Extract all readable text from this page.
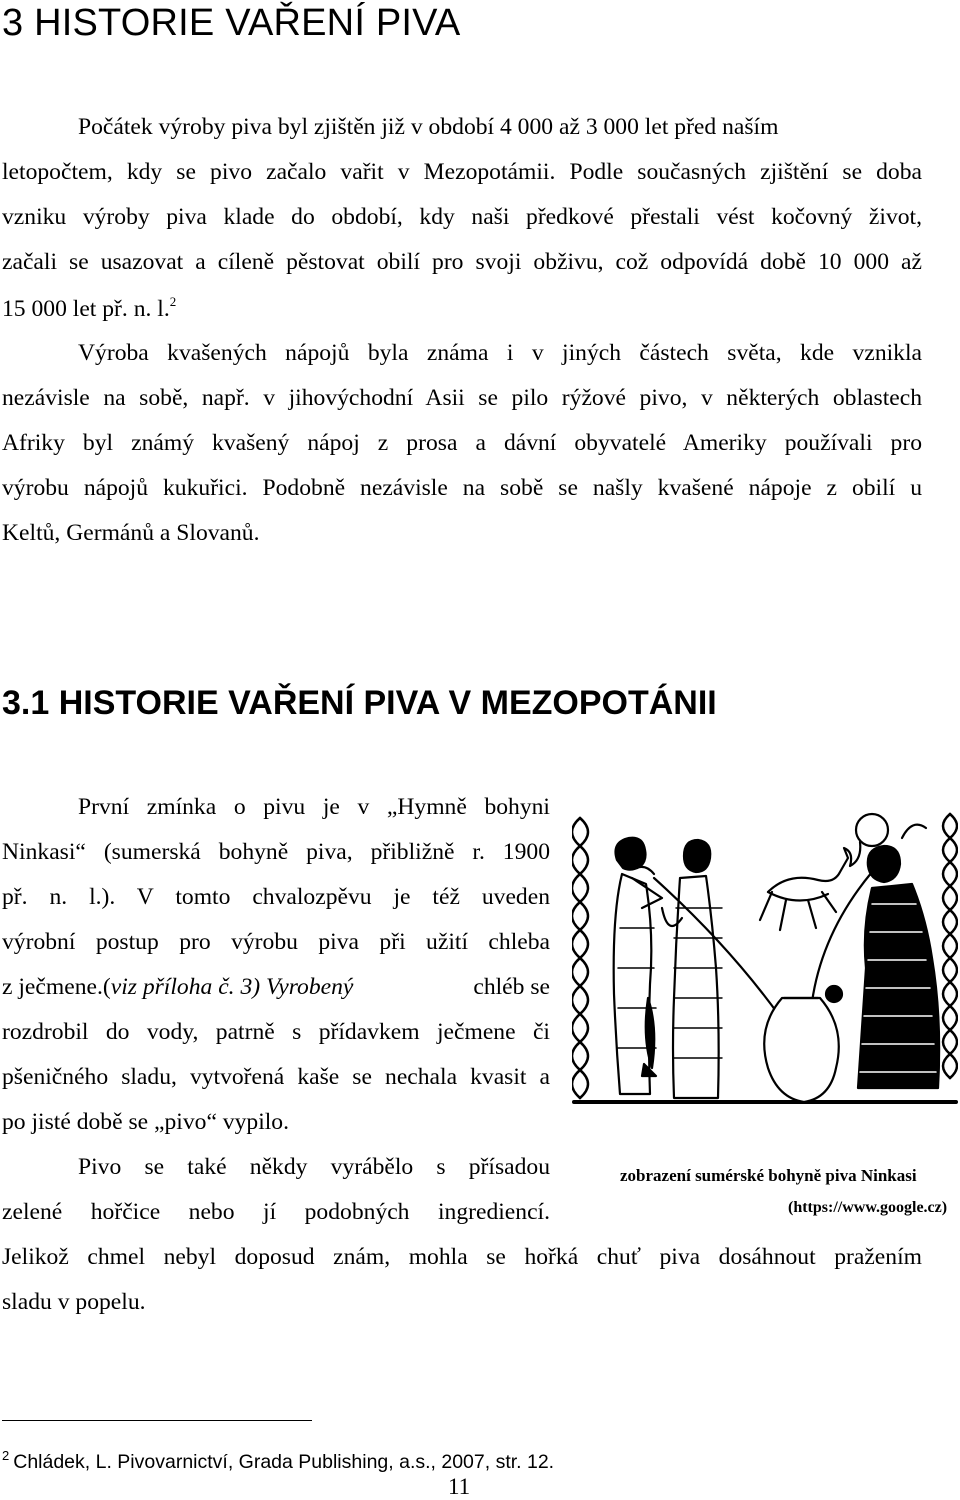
3 HISTORIE VAŘENÍ PIVA
Počátek výroby piva byl zjištěn již v období 4 000 až 3 000 let před naším
letopočtem, kdy se pivo začalo vařit v Mezopotámii. Podle současných zjištění se doba
vzniku výroby piva klade do období, kdy naši předkové přestali vést kočovný život,
začali se usazovat a cíleně pěstovat obilí pro svoji obživu, což odpovídá době 10 000 až
15 000 let př. n. l.$^2$
Výroba kvašených nápojů byla známa i v jiných částech světa, kde vznikla
nezávisle na sobě, např. v jihovýchodní Asii se pilo rýžové pivo, v některých oblastech
Afriky byl známý kvašený nápoj z prosa a dávní obyvatelé Ameriky používali pro
výrobu nápojů kukuřici. Podobně nezávisle na sobě se našly kvašené nápoje z obilí u
Keltů, Germánů a Slovanů.
3.1 HISTORIE VAŘENÍ PIVA V MEZOPOTÁNII
První zmínka o pivu je v „Hymně bohyni
Ninkasi“ (sumerská bohyně piva, přibližně r. 1900
př. n. l.). V tomto chvalozpěvu je též uveden
výrobní postup pro výrobu piva při užití chleba
z ječmene.(viz příloha č. 3) Vyrobený	chléb se
rozdrobil do vody, patrně s přídavkem ječmene či
pšeničného sladu, vytvořená kaše se nechala kvasit a
po jisté době se „pivo“ vypilo.
Pivo se také někdy vyrábělo s přísadou
zelené hořčice nebo jí podobných ingrediencí.
Jelikož chmel nebyl doposud znám, mohla se hořká chuť piva dosáhnout pražením
sladu v popelu.
zobrazení sumérské bohyně piva Ninkasi
(https://www.google.cz)
$^2$ Chládek, L. Pivovarnictví, Grada Publishing, a.s., 2007, str. 12.
11
